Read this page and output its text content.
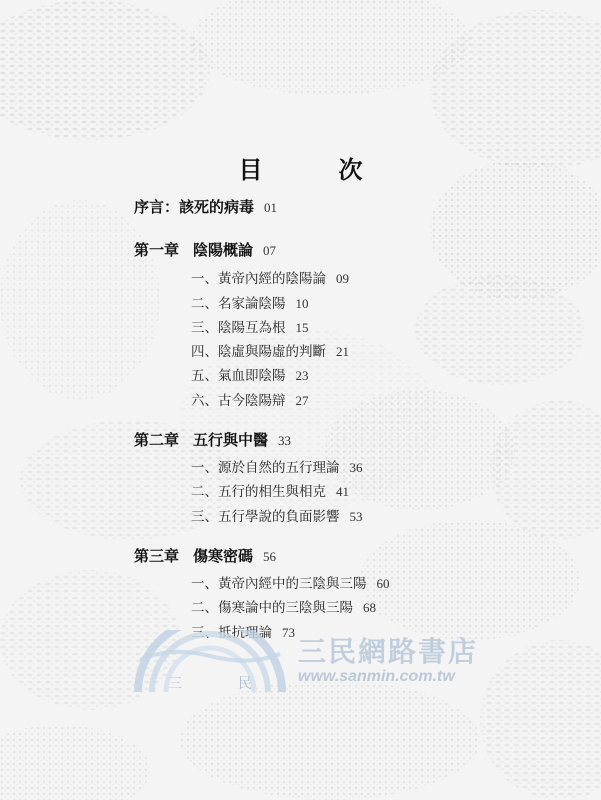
目　次
序言：該死的病毒 01
第一章 陰陽概論 07
一、黃帝內經的陰陽論 09
二、名家論陰陽 10
三、陰陽互為根 15
四、陰虛與陽虛的判斷 21
五、氣血即陰陽 23
六、古今陰陽辯 27
第二章 五行與中醫 33
一、源於自然的五行理論 36
二、五行的相生與相克 41
三、五行學說的負面影響 53
第三章 傷寒密碼 56
一、黃帝內經中的三陰與三陽 60
二、傷寒論中的三陰與三陽 68
三、抵抗理論 73
三	民
三民網路書店
www.sanmin.com.tw
